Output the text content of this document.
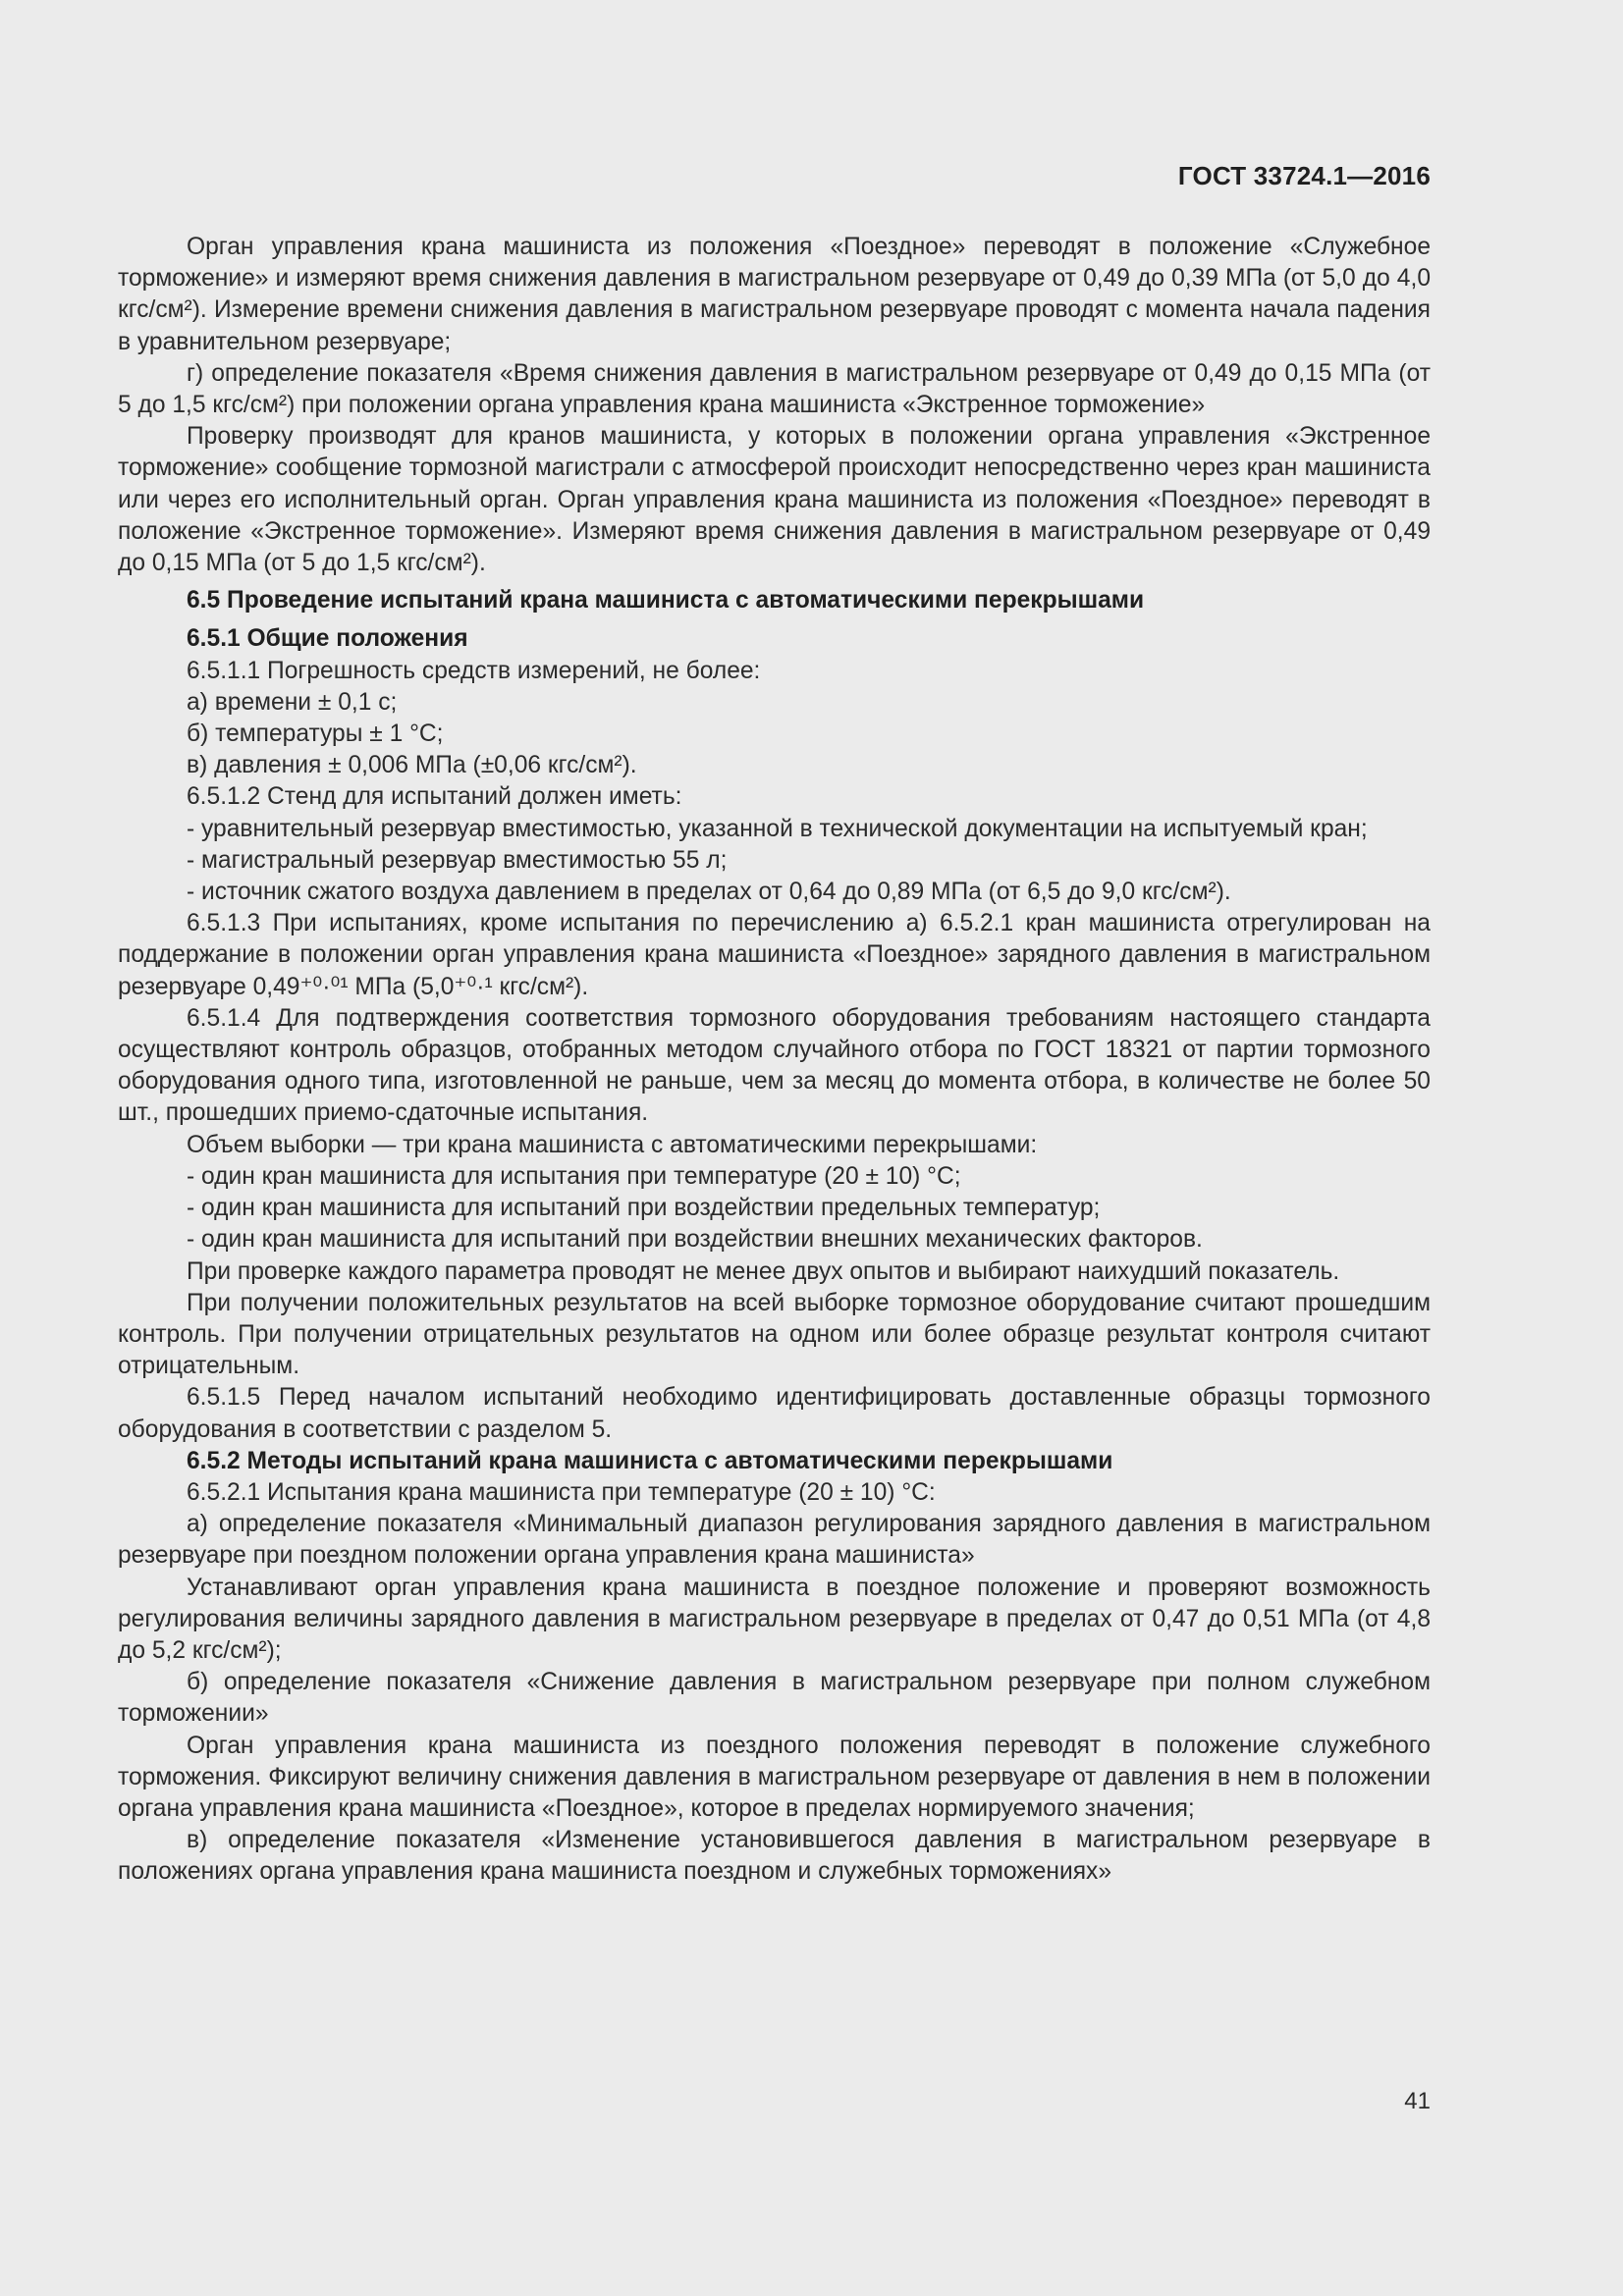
ГОСТ 33724.1—2016

Орган управления крана машиниста из положения «Поездное» переводят в положение «Служебное торможение» и измеряют время снижения давления в магистральном резервуаре от 0,49 до 0,39 МПа (от 5,0 до 4,0 кгс/см²). Измерение времени снижения давления в магистральном резервуаре проводят с момента начала падения в уравнительном резервуаре;

г) определение показателя «Время снижения давления в магистральном резервуаре от 0,49 до 0,15 МПа (от 5 до 1,5 кгс/см²) при положении органа управления крана машиниста «Экстренное торможение»

Проверку производят для кранов машиниста, у которых в положении органа управления «Экстренное торможение» сообщение тормозной магистрали с атмосферой происходит непосредственно через кран машиниста или через его исполнительный орган. Орган управления крана машиниста из положения «Поездное» переводят в положение «Экстренное торможение». Измеряют время снижения давления в магистральном резервуаре от 0,49 до 0,15 МПа (от 5 до 1,5 кгс/см²).

6.5 Проведение испытаний крана машиниста с автоматическими перекрышами

6.5.1 Общие положения

6.5.1.1 Погрешность средств измерений, не более:

а) времени ± 0,1 с;

б) температуры ± 1 °С;

в) давления ± 0,006 МПа (±0,06 кгс/см²).

6.5.1.2 Стенд для испытаний должен иметь:

- уравнительный резервуар вместимостью, указанной в технической документации на испытуемый кран;

- магистральный резервуар вместимостью 55 л;

- источник сжатого воздуха давлением в пределах от 0,64 до 0,89 МПа (от 6,5 до 9,0 кгс/см²).

6.5.1.3 При испытаниях, кроме испытания по перечислению а) 6.5.2.1 кран машиниста отрегулирован на поддержание в положении орган управления крана машиниста «Поездное» зарядного давления в магистральном резервуаре 0,49⁺⁰·⁰¹ МПа (5,0⁺⁰·¹ кгс/см²).

6.5.1.4 Для подтверждения соответствия тормозного оборудования требованиям настоящего стандарта осуществляют контроль образцов, отобранных методом случайного отбора по ГОСТ 18321 от партии тормозного оборудования одного типа, изготовленной не раньше, чем за месяц до момента отбора, в количестве не более 50 шт., прошедших приемо-сдаточные испытания.

Объем выборки — три крана машиниста с автоматическими перекрышами:

- один кран машиниста для испытания при температуре (20 ± 10) °С;

- один кран машиниста для испытаний при воздействии предельных температур;

- один кран машиниста для испытаний при воздействии внешних механических факторов.

При проверке каждого параметра проводят не менее двух опытов и выбирают наихудший показатель.

При получении положительных результатов на всей выборке тормозное оборудование считают прошедшим контроль. При получении отрицательных результатов на одном или более образце результат контроля считают отрицательным.

6.5.1.5 Перед началом испытаний необходимо идентифицировать доставленные образцы тормозного оборудования в соответствии с разделом 5.

6.5.2 Методы испытаний крана машиниста с автоматическими перекрышами

6.5.2.1 Испытания крана машиниста при температуре (20 ± 10) °С:

а) определение показателя «Минимальный диапазон регулирования зарядного давления в магистральном резервуаре при поездном положении органа управления крана машиниста»

Устанавливают орган управления крана машиниста в поездное положение и проверяют возможность регулирования величины зарядного давления в магистральном резервуаре в пределах от 0,47 до 0,51 МПа (от 4,8 до 5,2 кгс/см²);

б) определение показателя «Снижение давления в магистральном резервуаре при полном служебном торможении»

Орган управления крана машиниста из поездного положения переводят в положение служебного торможения. Фиксируют величину снижения давления в магистральном резервуаре от давления в нем в положении органа управления крана машиниста «Поездное», которое в пределах нормируемого значения;

в) определение показателя «Изменение установившегося давления в магистральном резервуаре в положениях органа управления крана машиниста поездном и служебных торможениях»

41
